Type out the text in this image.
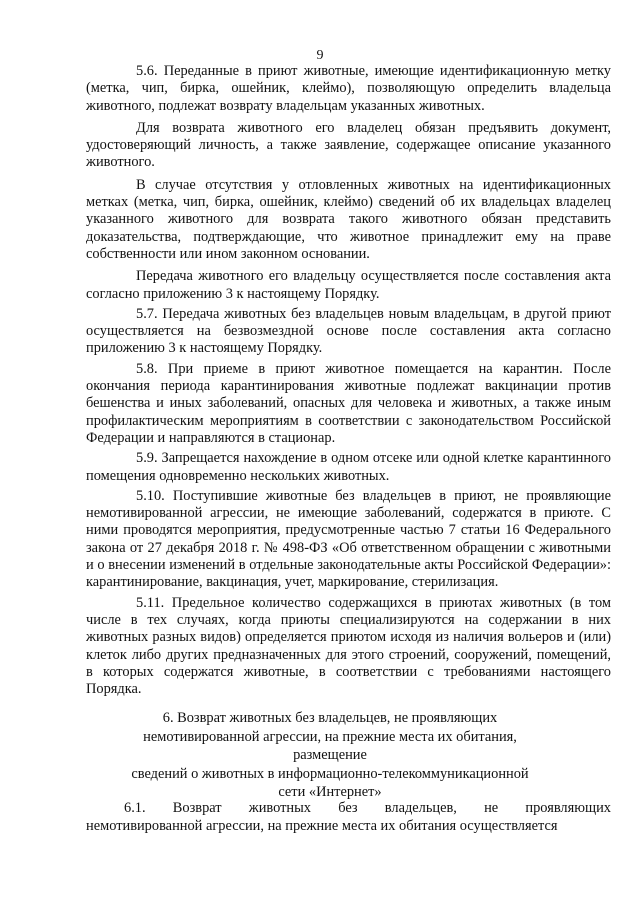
9

5.6. Переданные в приют животные, имеющие идентификационную метку (метка, чип, бирка, ошейник, клеймо), позволяющую определить владельца животного, подлежат возврату владельцам указанных животных.

Для возврата животного его владелец обязан предъявить документ, удостоверяющий личность, а также заявление, содержащее описание указанного животного.

В случае отсутствия у отловленных животных на идентификационных метках (метка, чип, бирка, ошейник, клеймо) сведений об их владельцах владелец указанного животного для возврата такого животного обязан представить доказательства, подтверждающие, что животное принадлежит ему на праве собственности или ином законном основании.

Передача животного его владельцу осуществляется после составления акта согласно приложению 3 к настоящему Порядку.

5.7. Передача животных без владельцев новым владельцам, в другой приют осуществляется на безвозмездной основе после составления акта согласно приложению 3 к настоящему Порядку.

5.8. При приеме в приют животное помещается на карантин. После окончания периода карантинирования животные подлежат вакцинации против бешенства и иных заболеваний, опасных для человека и животных, а также иным профилактическим мероприятиям в соответствии с законодательством Российской Федерации и направляются в стационар.

5.9. Запрещается нахождение в одном отсеке или одной клетке карантинного помещения одновременно нескольких животных.

5.10. Поступившие животные без владельцев в приют, не проявляющие немотивированной агрессии, не имеющие заболеваний, содержатся в приюте. С ними проводятся мероприятия, предусмотренные частью 7 статьи 16 Федерального закона от 27 декабря 2018 г. № 498-ФЗ «Об ответственном обращении с животными и о внесении изменений в отдельные законодательные акты Российской Федерации»: карантинирование, вакцинация, учет, маркирование, стерилизация.

5.11. Предельное количество содержащихся в приютах животных (в том числе в тех случаях, когда приюты специализируются на содержании в них животных разных видов) определяется приютом исходя из наличия вольеров и (или) клеток либо других предназначенных для этого строений, сооружений, помещений, в которых содержатся животные, в соответствии с требованиями настоящего Порядка.

6. Возврат животных без владельцев, не проявляющих
немотивированной агрессии, на прежние места их обитания, размещение
сведений о животных в информационно-телекоммуникационной
сети «Интернет»
6.1. Возврат животных без владельцев, не проявляющих
немотивированной агрессии, на прежние места их обитания осуществляется
